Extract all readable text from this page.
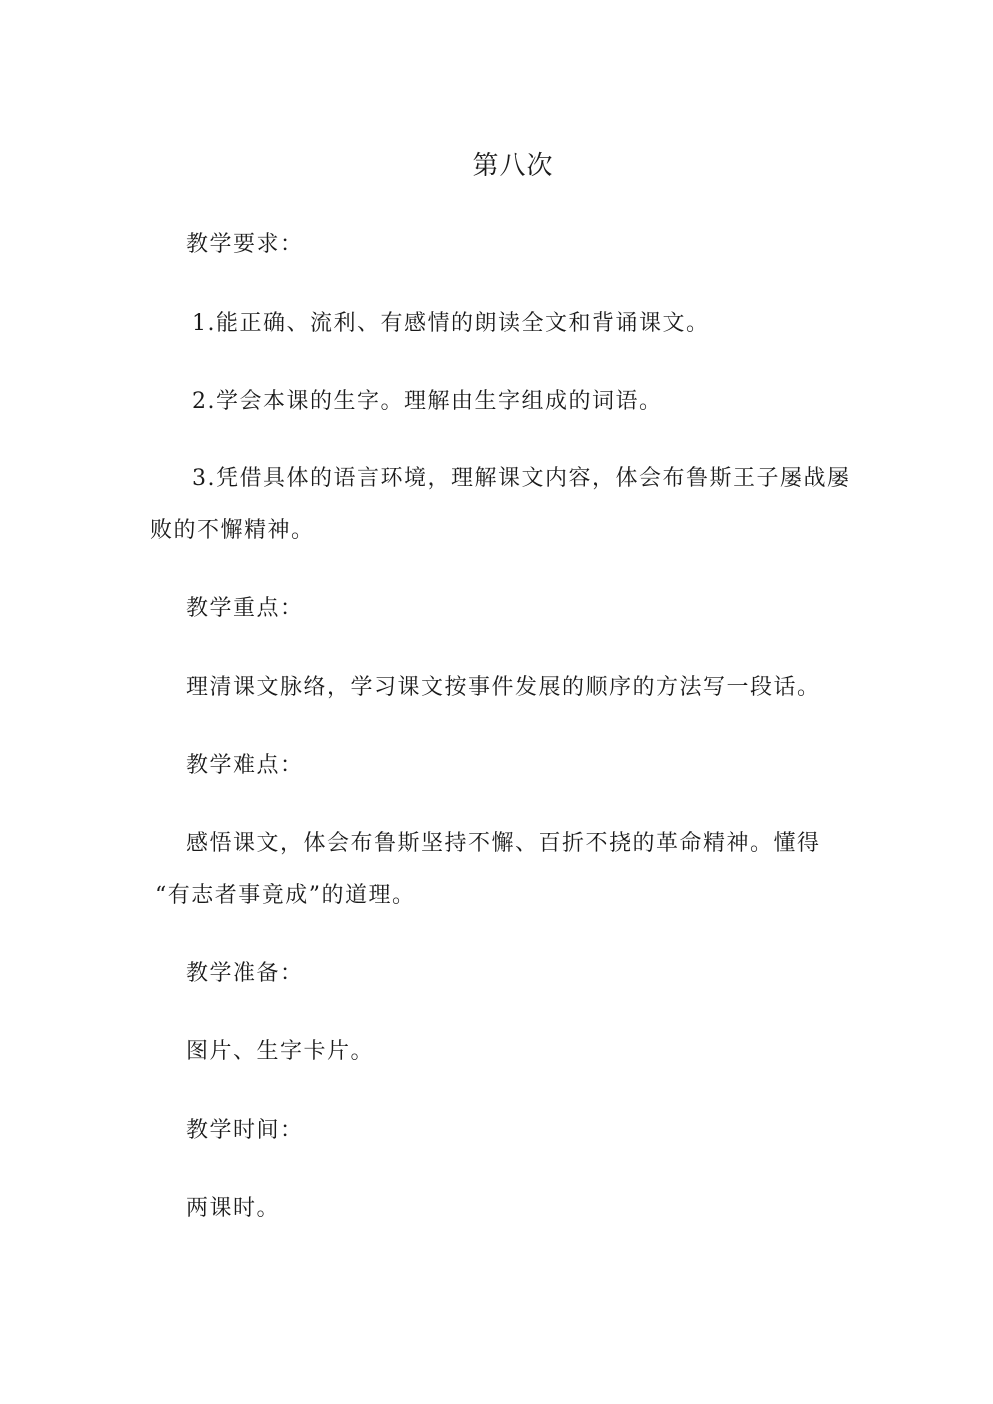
第八次
教学要求：
1.能正确、流利、有感情的朗读全文和背诵课文。
2.学会本课的生字。理解由生字组成的词语。
3.凭借具体的语言环境，理解课文内容，体会布鲁斯王子屡战屡
败的不懈精神。
教学重点：
理清课文脉络，学习课文按事件发展的顺序的方法写一段话。
教学难点：
感悟课文，体会布鲁斯坚持不懈、百折不挠的革命精神。懂得
“有志者事竟成”的道理。
教学准备：
图片、生字卡片。
教学时间：
两课时。
